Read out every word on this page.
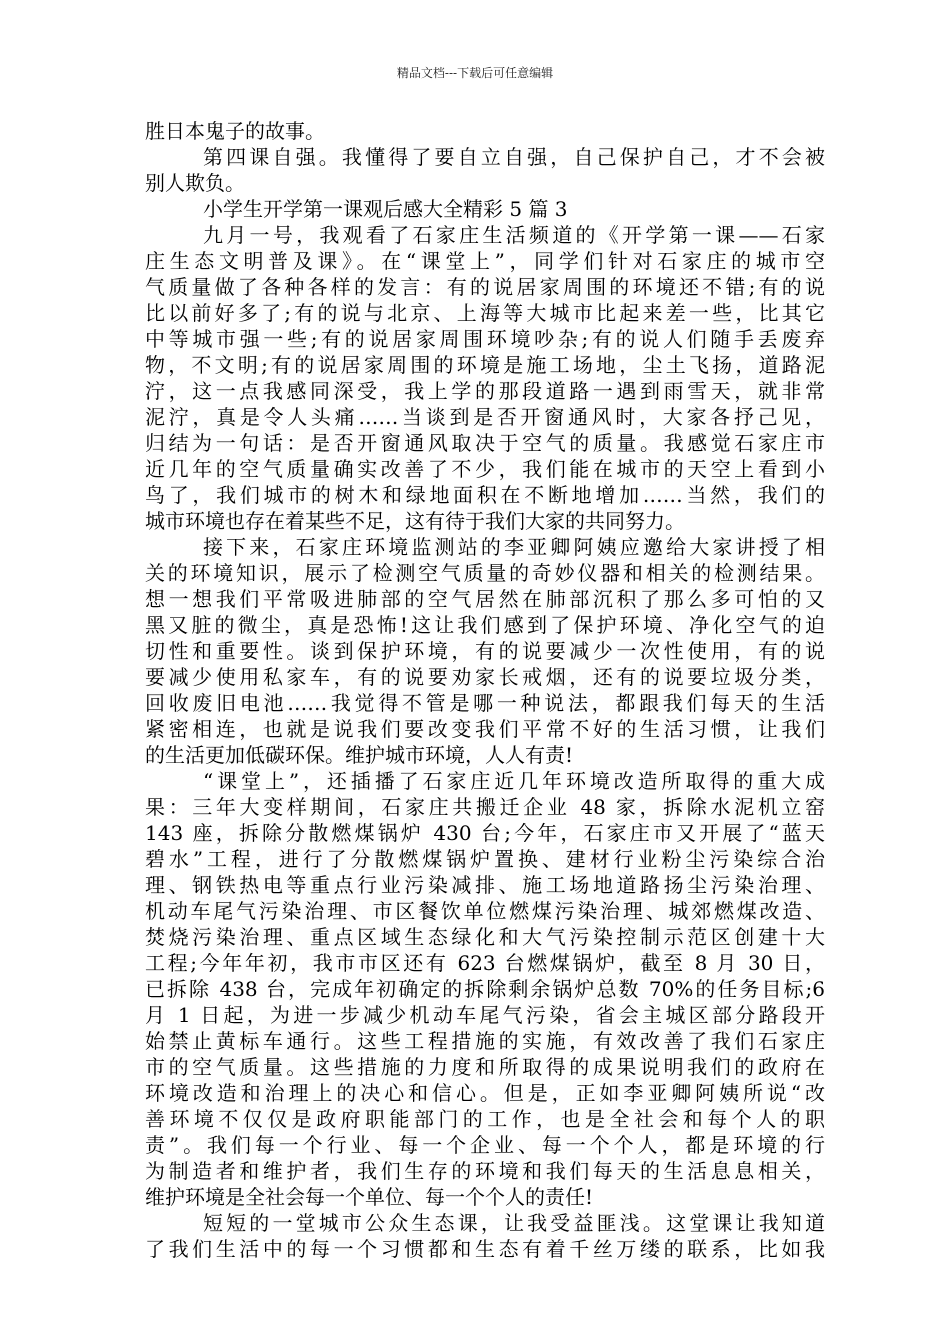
精品文档---下载后可任意编辑
胜日本鬼子的故事。
第四课自强。我懂得了要自立自强，自己保护自己，才不会被
别人欺负。
小学生开学第一课观后感大全精彩 5 篇 3
九月一号，我观看了石家庄生活频道的《开学第一课——石家
庄生态文明普及课》。在“课堂上”，同学们针对石家庄的城市空
气质量做了各种各样的发言：有的说居家周围的环境还不错;有的说
比以前好多了;有的说与北京、上海等大城市比起来差一些，比其它
中等城市强一些;有的说居家周围环境吵杂;有的说人们随手丢废弃
物，不文明;有的说居家周围的环境是施工场地，尘土飞扬，道路泥
泞，这一点我感同深受，我上学的那段道路一遇到雨雪天，就非常
泥泞，真是令人头痛……当谈到是否开窗通风时，大家各抒己见，
归结为一句话：是否开窗通风取决于空气的质量。我感觉石家庄市
近几年的空气质量确实改善了不少，我们能在城市的天空上看到小
鸟了，我们城市的树木和绿地面积在不断地增加……当然，我们的
城市环境也存在着某些不足，这有待于我们大家的共同努力。
接下来，石家庄环境监测站的李亚卿阿姨应邀给大家讲授了相
关的环境知识，展示了检测空气质量的奇妙仪器和相关的检测结果。
想一想我们平常吸进肺部的空气居然在肺部沉积了那么多可怕的又
黑又脏的微尘，真是恐怖!这让我们感到了保护环境、净化空气的迫
切性和重要性。谈到保护环境，有的说要减少一次性使用，有的说
要减少使用私家车，有的说要劝家长戒烟，还有的说要垃圾分类，
回收废旧电池……我觉得不管是哪一种说法，都跟我们每天的生活
紧密相连，也就是说我们要改变我们平常不好的生活习惯，让我们
的生活更加低碳环保。维护城市环境，人人有责!
“课堂上”，还插播了石家庄近几年环境改造所取得的重大成
果：三年大变样期间，石家庄共搬迁企业 48 家，拆除水泥机立窑
143 座，拆除分散燃煤锅炉 430 台;今年，石家庄市又开展了“蓝天
碧水”工程，进行了分散燃煤锅炉置换、建材行业粉尘污染综合治
理、钢铁热电等重点行业污染减排、施工场地道路扬尘污染治理、
机动车尾气污染治理、市区餐饮单位燃煤污染治理、城郊燃煤改造、
焚烧污染治理、重点区域生态绿化和大气污染控制示范区创建十大
工程;今年年初，我市市区还有 623 台燃煤锅炉，截至 8 月 30 日，
已拆除 438 台，完成年初确定的拆除剩余锅炉总数 70%的任务目标;6
月 1 日起，为进一步减少机动车尾气污染，省会主城区部分路段开
始禁止黄标车通行。这些工程措施的实施，有效改善了我们石家庄
市的空气质量。这些措施的力度和所取得的成果说明我们的政府在
环境改造和治理上的决心和信心。但是，正如李亚卿阿姨所说“改
善环境不仅仅是政府职能部门的工作，也是全社会和每个人的职
责”。我们每一个行业、每一个企业、每一个个人，都是环境的行
为制造者和维护者，我们生存的环境和我们每天的生活息息相关，
维护环境是全社会每一个单位、每一个个人的责任!
短短的一堂城市公众生态课，让我受益匪浅。这堂课让我知道
了我们生活中的每一个习惯都和生态有着千丝万缕的联系，比如我
